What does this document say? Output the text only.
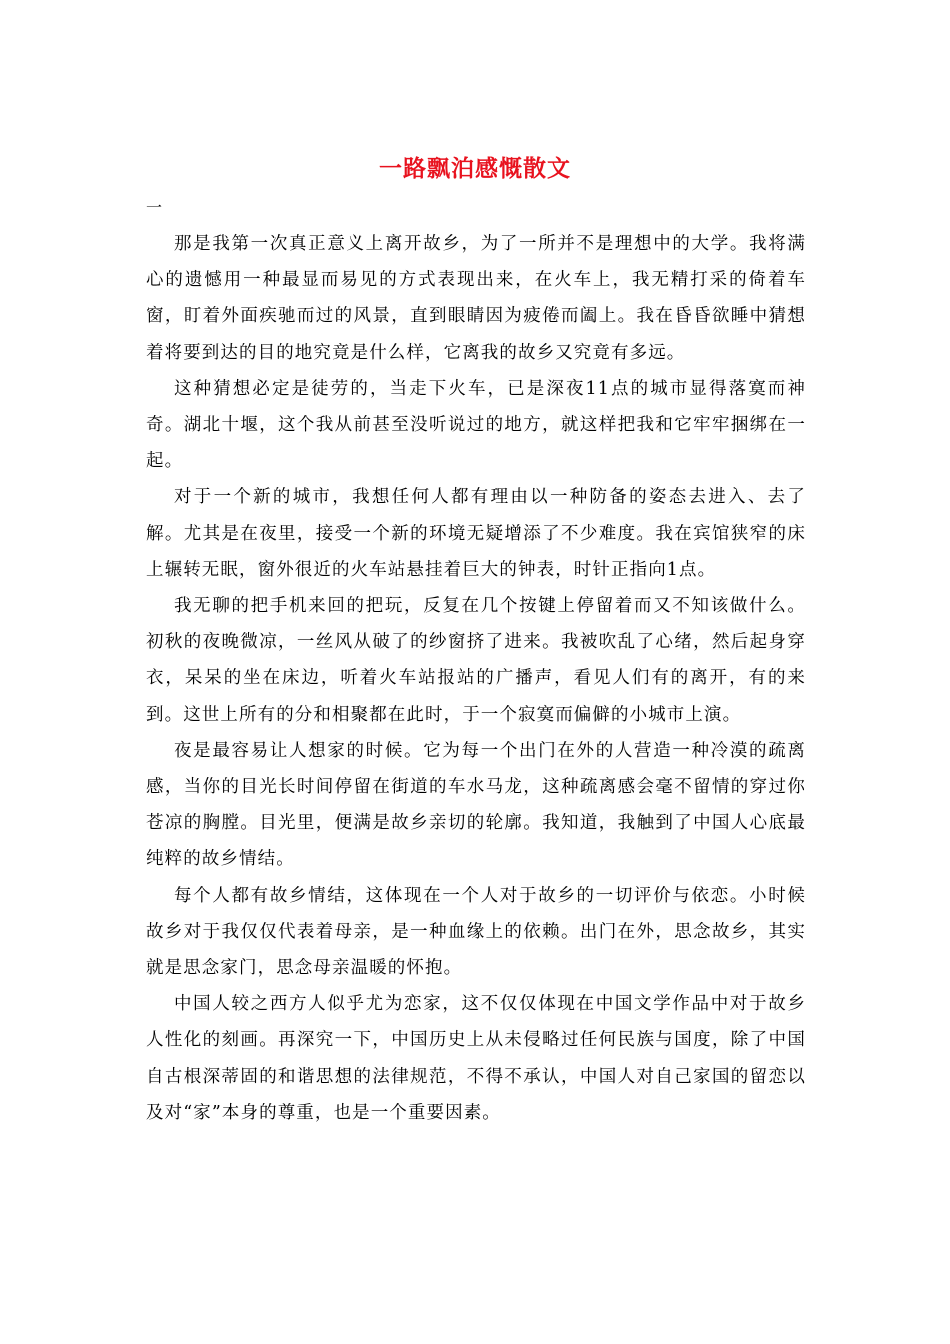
一路飘泊感慨散文
一

那是我第一次真正意义上离开故乡，为了一所并不是理想中的大学。我将满心的遗憾用一种最显而易见的方式表现出来，在火车上，我无精打采的倚着车窗，盯着外面疾驰而过的风景，直到眼睛因为疲倦而阖上。我在昏昏欲睡中猜想着将要到达的目的地究竟是什么样，它离我的故乡又究竟有多远。

这种猜想必定是徒劳的，当走下火车，已是深夜11点的城市显得落寞而神奇。湖北十堰，这个我从前甚至没听说过的地方，就这样把我和它牢牢捆绑在一起。

对于一个新的城市，我想任何人都有理由以一种防备的姿态去进入、去了解。尤其是在夜里，接受一个新的环境无疑增添了不少难度。我在宾馆狭窄的床上辗转无眠，窗外很近的火车站悬挂着巨大的钟表，时针正指向1点。

我无聊的把手机来回的把玩，反复在几个按键上停留着而又不知该做什么。初秋的夜晚微凉，一丝风从破了的纱窗挤了进来。我被吹乱了心绪，然后起身穿衣，呆呆的坐在床边，听着火车站报站的广播声，看见人们有的离开，有的来到。这世上所有的分和相聚都在此时，于一个寂寞而偏僻的小城市上演。

夜是最容易让人想家的时候。它为每一个出门在外的人营造一种冷漠的疏离感，当你的目光长时间停留在街道的车水马龙，这种疏离感会毫不留情的穿过你苍凉的胸膛。目光里，便满是故乡亲切的轮廓。我知道，我触到了中国人心底最纯粹的故乡情结。

每个人都有故乡情结，这体现在一个人对于故乡的一切评价与依恋。小时候故乡对于我仅仅代表着母亲，是一种血缘上的依赖。出门在外，思念故乡，其实就是思念家门，思念母亲温暖的怀抱。

中国人较之西方人似乎尤为恋家，这不仅仅体现在中国文学作品中对于故乡人性化的刻画。再深究一下，中国历史上从未侵略过任何民族与国度，除了中国自古根深蒂固的和谐思想的法律规范，不得不承认，中国人对自己家国的留恋以及对“家”本身的尊重，也是一个重要因素。
